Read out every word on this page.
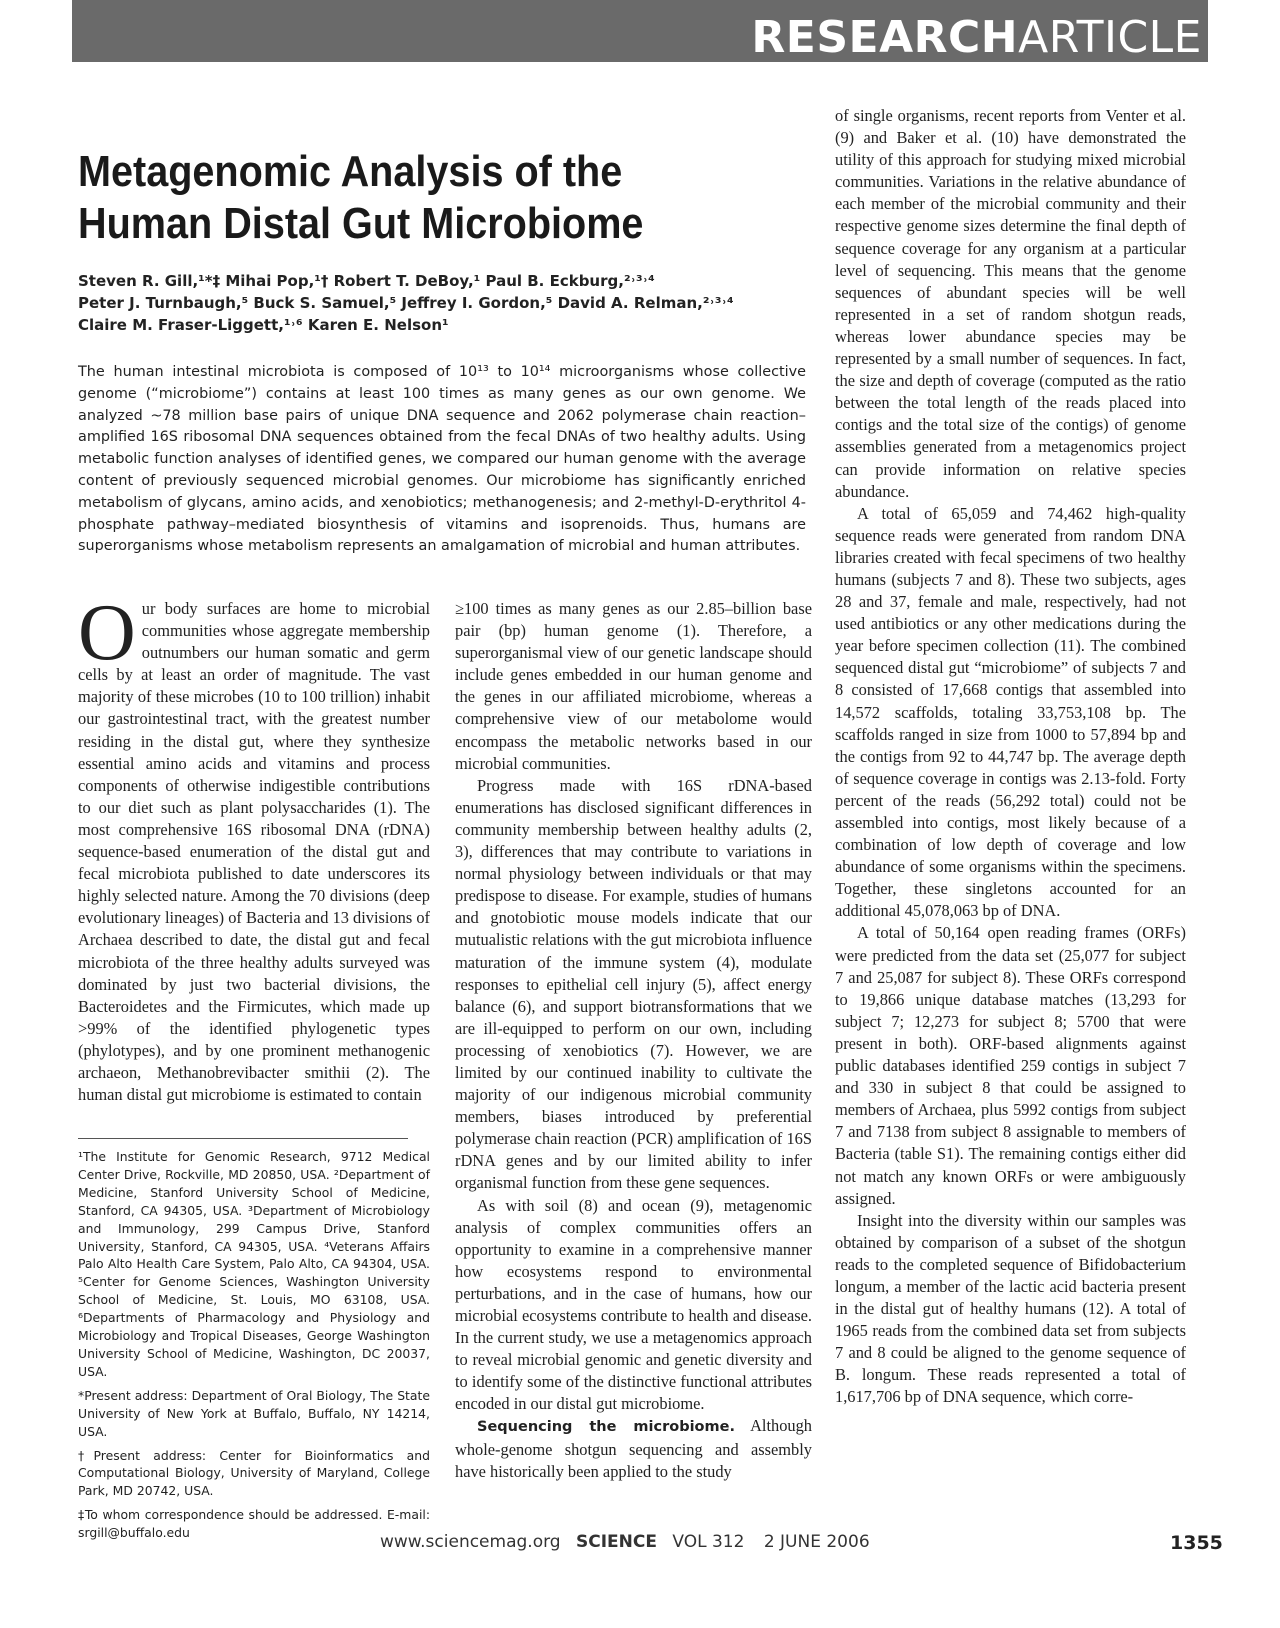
RESEARCHARTICLE
Metagenomic Analysis of the Human Distal Gut Microbiome
Steven R. Gill,¹*‡ Mihai Pop,¹† Robert T. DeBoy,¹ Paul B. Eckburg,²˒³˒⁴
Peter J. Turnbaugh,⁵ Buck S. Samuel,⁵ Jeffrey I. Gordon,⁵ David A. Relman,²˒³˒⁴
Claire M. Fraser-Liggett,¹˒⁶ Karen E. Nelson¹
The human intestinal microbiota is composed of 10¹³ to 10¹⁴ microorganisms whose collective genome (“microbiome”) contains at least 100 times as many genes as our own genome. We analyzed ~78 million base pairs of unique DNA sequence and 2062 polymerase chain reaction–amplified 16S ribosomal DNA sequences obtained from the fecal DNAs of two healthy adults. Using metabolic function analyses of identified genes, we compared our human genome with the average content of previously sequenced microbial genomes. Our microbiome has significantly enriched metabolism of glycans, amino acids, and xenobiotics; methanogenesis; and 2-methyl-D-erythritol 4-phosphate pathway–mediated biosynthesis of vitamins and isoprenoids. Thus, humans are superorganisms whose metabolism represents an amalgamation of microbial and human attributes.

Our body surfaces are home to microbial communities whose aggregate membership outnumbers our human somatic and germ cells by at least an order of magnitude. The vast majority of these microbes (10 to 100 trillion) inhabit our gastrointestinal tract, with the greatest number residing in the distal gut, where they synthesize essential amino acids and vitamins and process components of otherwise indigestible contributions to our diet such as plant polysaccharides (1). The most comprehensive 16S ribosomal DNA (rDNA) sequence-based enumeration of the distal gut and fecal microbiota published to date underscores its highly selected nature. Among the 70 divisions (deep evolutionary lineages) of Bacteria and 13 divisions of Archaea described to date, the distal gut and fecal microbiota of the three healthy adults surveyed was dominated by just two bacterial divisions, the Bacteroidetes and the Firmicutes, which made up >99% of the identified phylogenetic types (phylotypes), and by one prominent methanogenic archaeon, Methanobrevibacter smithii (2). The human distal gut microbiome is estimated to contain

¹The Institute for Genomic Research, 9712 Medical Center Drive, Rockville, MD 20850, USA. ²Department of Medicine, Stanford University School of Medicine, Stanford, CA 94305, USA. ³Department of Microbiology and Immunology, 299 Campus Drive, Stanford University, Stanford, CA 94305, USA. ⁴Veterans Affairs Palo Alto Health Care System, Palo Alto, CA 94304, USA. ⁵Center for Genome Sciences, Washington University School of Medicine, St. Louis, MO 63108, USA. ⁶Departments of Pharmacology and Physiology and Microbiology and Tropical Diseases, George Washington University School of Medicine, Washington, DC 20037, USA.

*Present address: Department of Oral Biology, The State University of New York at Buffalo, Buffalo, NY 14214, USA.

†Present address: Center for Bioinformatics and Computational Biology, University of Maryland, College Park, MD 20742, USA.

‡To whom correspondence should be addressed. E-mail: srgill@buffalo.edu

≥100 times as many genes as our 2.85–billion base pair (bp) human genome (1). Therefore, a superorganismal view of our genetic landscape should include genes embedded in our human genome and the genes in our affiliated microbiome, whereas a comprehensive view of our metabolome would encompass the metabolic networks based in our microbial communities.

Progress made with 16S rDNA-based enumerations has disclosed significant differences in community membership between healthy adults (2, 3), differences that may contribute to variations in normal physiology between individuals or that may predispose to disease. For example, studies of humans and gnotobiotic mouse models indicate that our mutualistic relations with the gut microbiota influence maturation of the immune system (4), modulate responses to epithelial cell injury (5), affect energy balance (6), and support biotransformations that we are ill-equipped to perform on our own, including processing of xenobiotics (7). However, we are limited by our continued inability to cultivate the majority of our indigenous microbial community members, biases introduced by preferential polymerase chain reaction (PCR) amplification of 16S rDNA genes and by our limited ability to infer organismal function from these gene sequences.

As with soil (8) and ocean (9), metagenomic analysis of complex communities offers an opportunity to examine in a comprehensive manner how ecosystems respond to environmental perturbations, and in the case of humans, how our microbial ecosystems contribute to health and disease. In the current study, we use a metagenomics approach to reveal microbial genomic and genetic diversity and to identify some of the distinctive functional attributes encoded in our distal gut microbiome.

Sequencing the microbiome. Although whole-genome shotgun sequencing and assembly have historically been applied to the study

of single organisms, recent reports from Venter et al. (9) and Baker et al. (10) have demonstrated the utility of this approach for studying mixed microbial communities. Variations in the relative abundance of each member of the microbial community and their respective genome sizes determine the final depth of sequence coverage for any organism at a particular level of sequencing. This means that the genome sequences of abundant species will be well represented in a set of random shotgun reads, whereas lower abundance species may be represented by a small number of sequences. In fact, the size and depth of coverage (computed as the ratio between the total length of the reads placed into contigs and the total size of the contigs) of genome assemblies generated from a metagenomics project can provide information on relative species abundance.

A total of 65,059 and 74,462 high-quality sequence reads were generated from random DNA libraries created with fecal specimens of two healthy humans (subjects 7 and 8). These two subjects, ages 28 and 37, female and male, respectively, had not used antibiotics or any other medications during the year before specimen collection (11). The combined sequenced distal gut “microbiome” of subjects 7 and 8 consisted of 17,668 contigs that assembled into 14,572 scaffolds, totaling 33,753,108 bp. The scaffolds ranged in size from 1000 to 57,894 bp and the contigs from 92 to 44,747 bp. The average depth of sequence coverage in contigs was 2.13-fold. Forty percent of the reads (56,292 total) could not be assembled into contigs, most likely because of a combination of low depth of coverage and low abundance of some organisms within the specimens. Together, these singletons accounted for an additional 45,078,063 bp of DNA.

A total of 50,164 open reading frames (ORFs) were predicted from the data set (25,077 for subject 7 and 25,087 for subject 8). These ORFs correspond to 19,866 unique database matches (13,293 for subject 7; 12,273 for subject 8; 5700 that were present in both). ORF-based alignments against public databases identified 259 contigs in subject 7 and 330 in subject 8 that could be assigned to members of Archaea, plus 5992 contigs from subject 7 and 7138 from subject 8 assignable to members of Bacteria (table S1). The remaining contigs either did not match any known ORFs or were ambiguously assigned.

Insight into the diversity within our samples was obtained by comparison of a subset of the shotgun reads to the completed sequence of Bifidobacterium longum, a member of the lactic acid bacteria present in the distal gut of healthy humans (12). A total of 1965 reads from the combined data set from subjects 7 and 8 could be aligned to the genome sequence of B. longum. These reads represented a total of 1,617,706 bp of DNA sequence, which corre-

www.sciencemag.org SCIENCE VOL 312 2 JUNE 2006	1355
